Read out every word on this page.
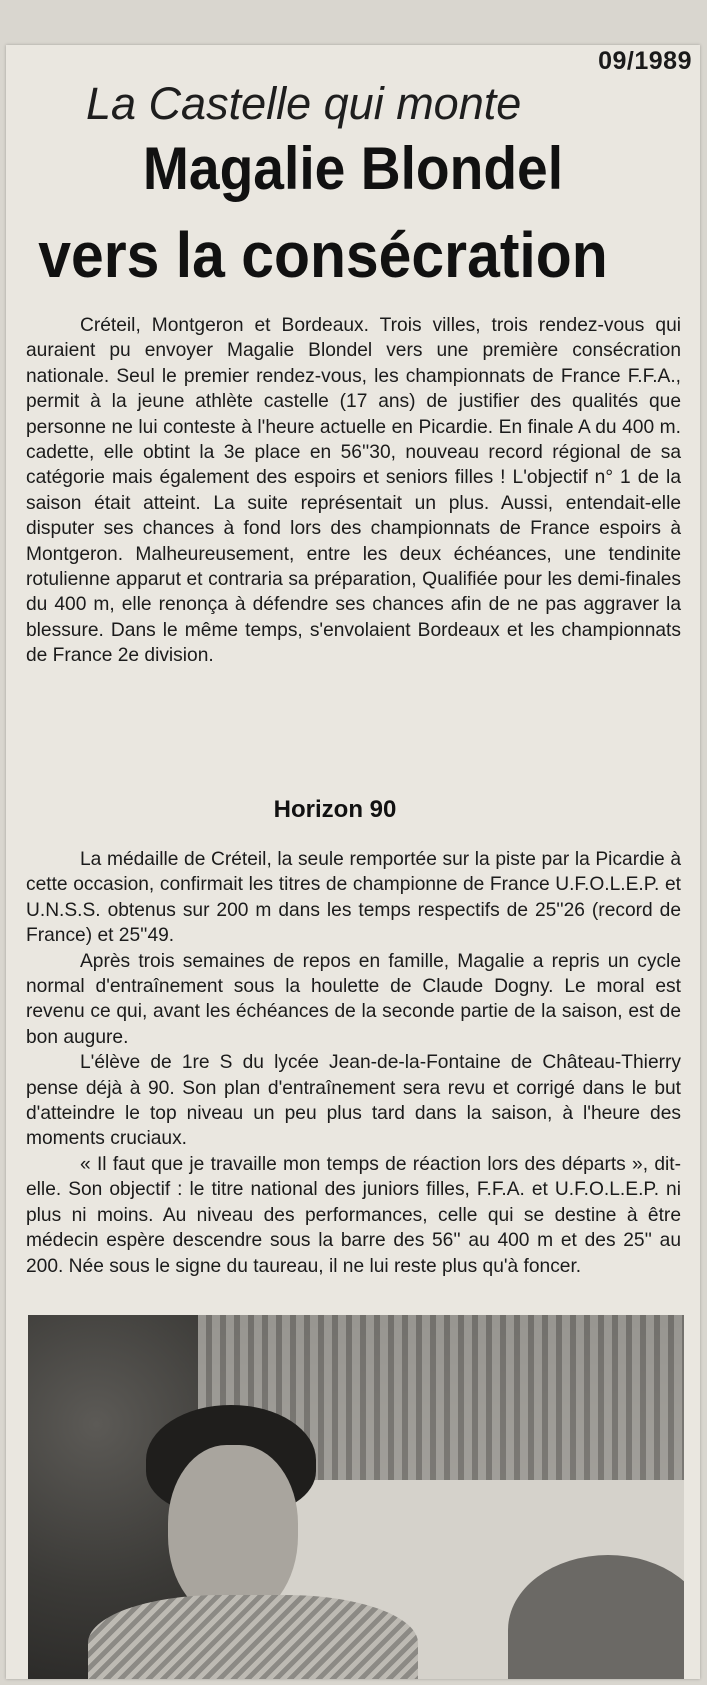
09/1989
La Castelle qui monte
Magalie Blondel
vers la consécration

Créteil, Montgeron et Bordeaux. Trois villes, trois rendez-vous qui auraient pu envoyer Magalie Blondel vers une première consécration nationale. Seul le premier rendez-vous, les championnats de France F.F.A., permit à la jeune athlète castelle (17 ans) de justifier des qualités que personne ne lui conteste à l'heure actuelle en Picardie. En finale A du 400 m. cadette, elle obtint la 3e place en 56''30, nouveau record régional de sa catégorie mais également des espoirs et seniors filles ! L'objectif n° 1 de la saison était atteint. La suite représentait un plus. Aussi, entendait-elle disputer ses chances à fond lors des championnats de France espoirs à Montgeron. Malheureusement, entre les deux échéances, une tendinite rotulienne apparut et contraria sa préparation, Qualifiée pour les demi-finales du 400 m, elle renonça à défendre ses chances afin de ne pas aggraver la blessure. Dans le même temps, s'envolaient Bordeaux et les championnats de France 2e division.

Horizon 90

La médaille de Créteil, la seule remportée sur la piste par la Picardie à cette occasion, confirmait les titres de championne de France U.F.O.L.E.P. et U.N.S.S. obtenus sur 200 m dans les temps respectifs de 25''26 (record de France) et 25''49.

Après trois semaines de repos en famille, Magalie a repris un cycle normal d'entraînement sous la houlette de Claude Dogny. Le moral est revenu ce qui, avant les échéances de la seconde partie de la saison, est de bon augure.

L'élève de 1re S du lycée Jean-de-la-Fontaine de Château-Thierry pense déjà à 90. Son plan d'entraînement sera revu et corrigé dans le but d'atteindre le top niveau un peu plus tard dans la saison, à l'heure des moments cruciaux.

« Il faut que je travaille mon temps de réaction lors des départs », dit-elle. Son objectif : le titre national des juniors filles, F.F.A. et U.F.O.L.E.P. ni plus ni moins. Au niveau des performances, celle qui se destine à être médecin espère descendre sous la barre des 56'' au 400 m et des 25'' au 200. Née sous le signe du taureau, il ne lui reste plus qu'à foncer.
